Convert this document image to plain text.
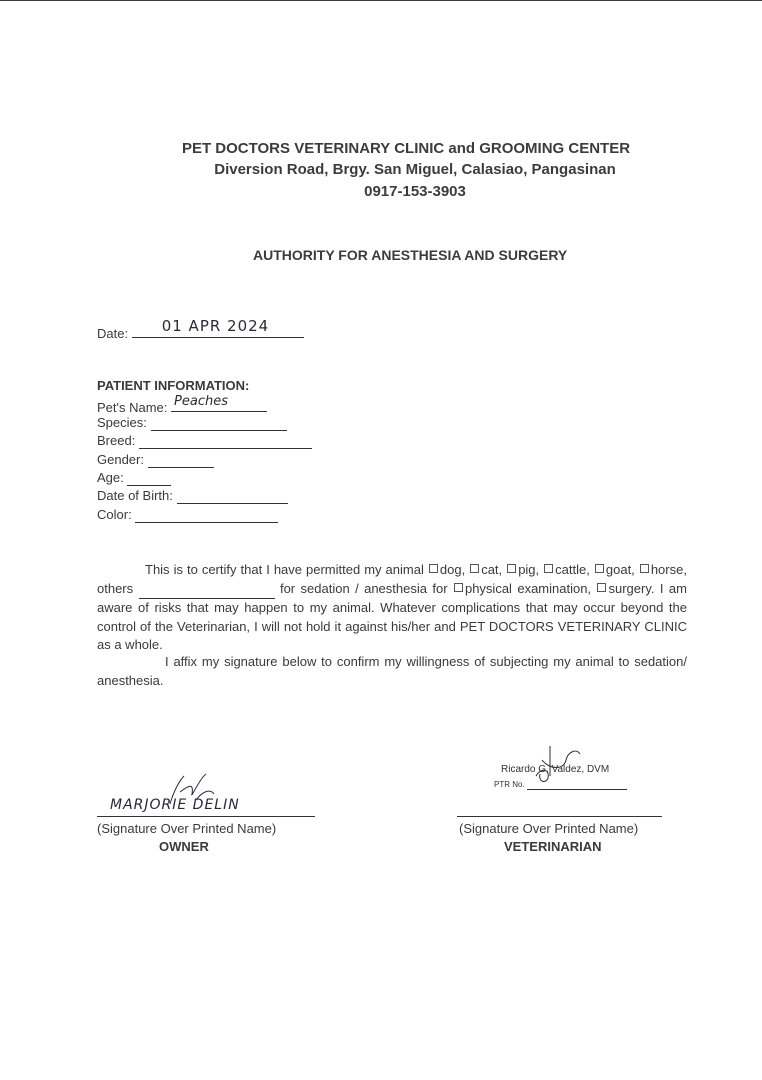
PET DOCTORS VETERINARY CLINIC and GROOMING CENTER
Diversion Road, Brgy. San Miguel, Calasiao, Pangasinan
0917-153-3903
AUTHORITY FOR ANESTHESIA AND SURGERY
Date: 01 APR 2024
PATIENT INFORMATION:
Pet's Name: Peaches
Species:
Breed:
Gender:
Age:
Date of Birth:
Color:
This is to certify that I have permitted my animal dog, cat, pig, cattle, goat, horse, others	for sedation / anesthesia for physical examination, surgery. I am aware of risks that may happen to my animal. Whatever complications that may occur beyond the control of the Veterinarian, I will not hold it against his/her and PET DOCTORS VETERINARY CLINIC as a whole.
I affix my signature below to confirm my willingness of subjecting my animal to sedation/ anesthesia.
MARJORIE DELIN
(Signature Over Printed Name)
OWNER
Ricardo G. Valdez, DVM
PTR No.
(Signature Over Printed Name)
VETERINARIAN
